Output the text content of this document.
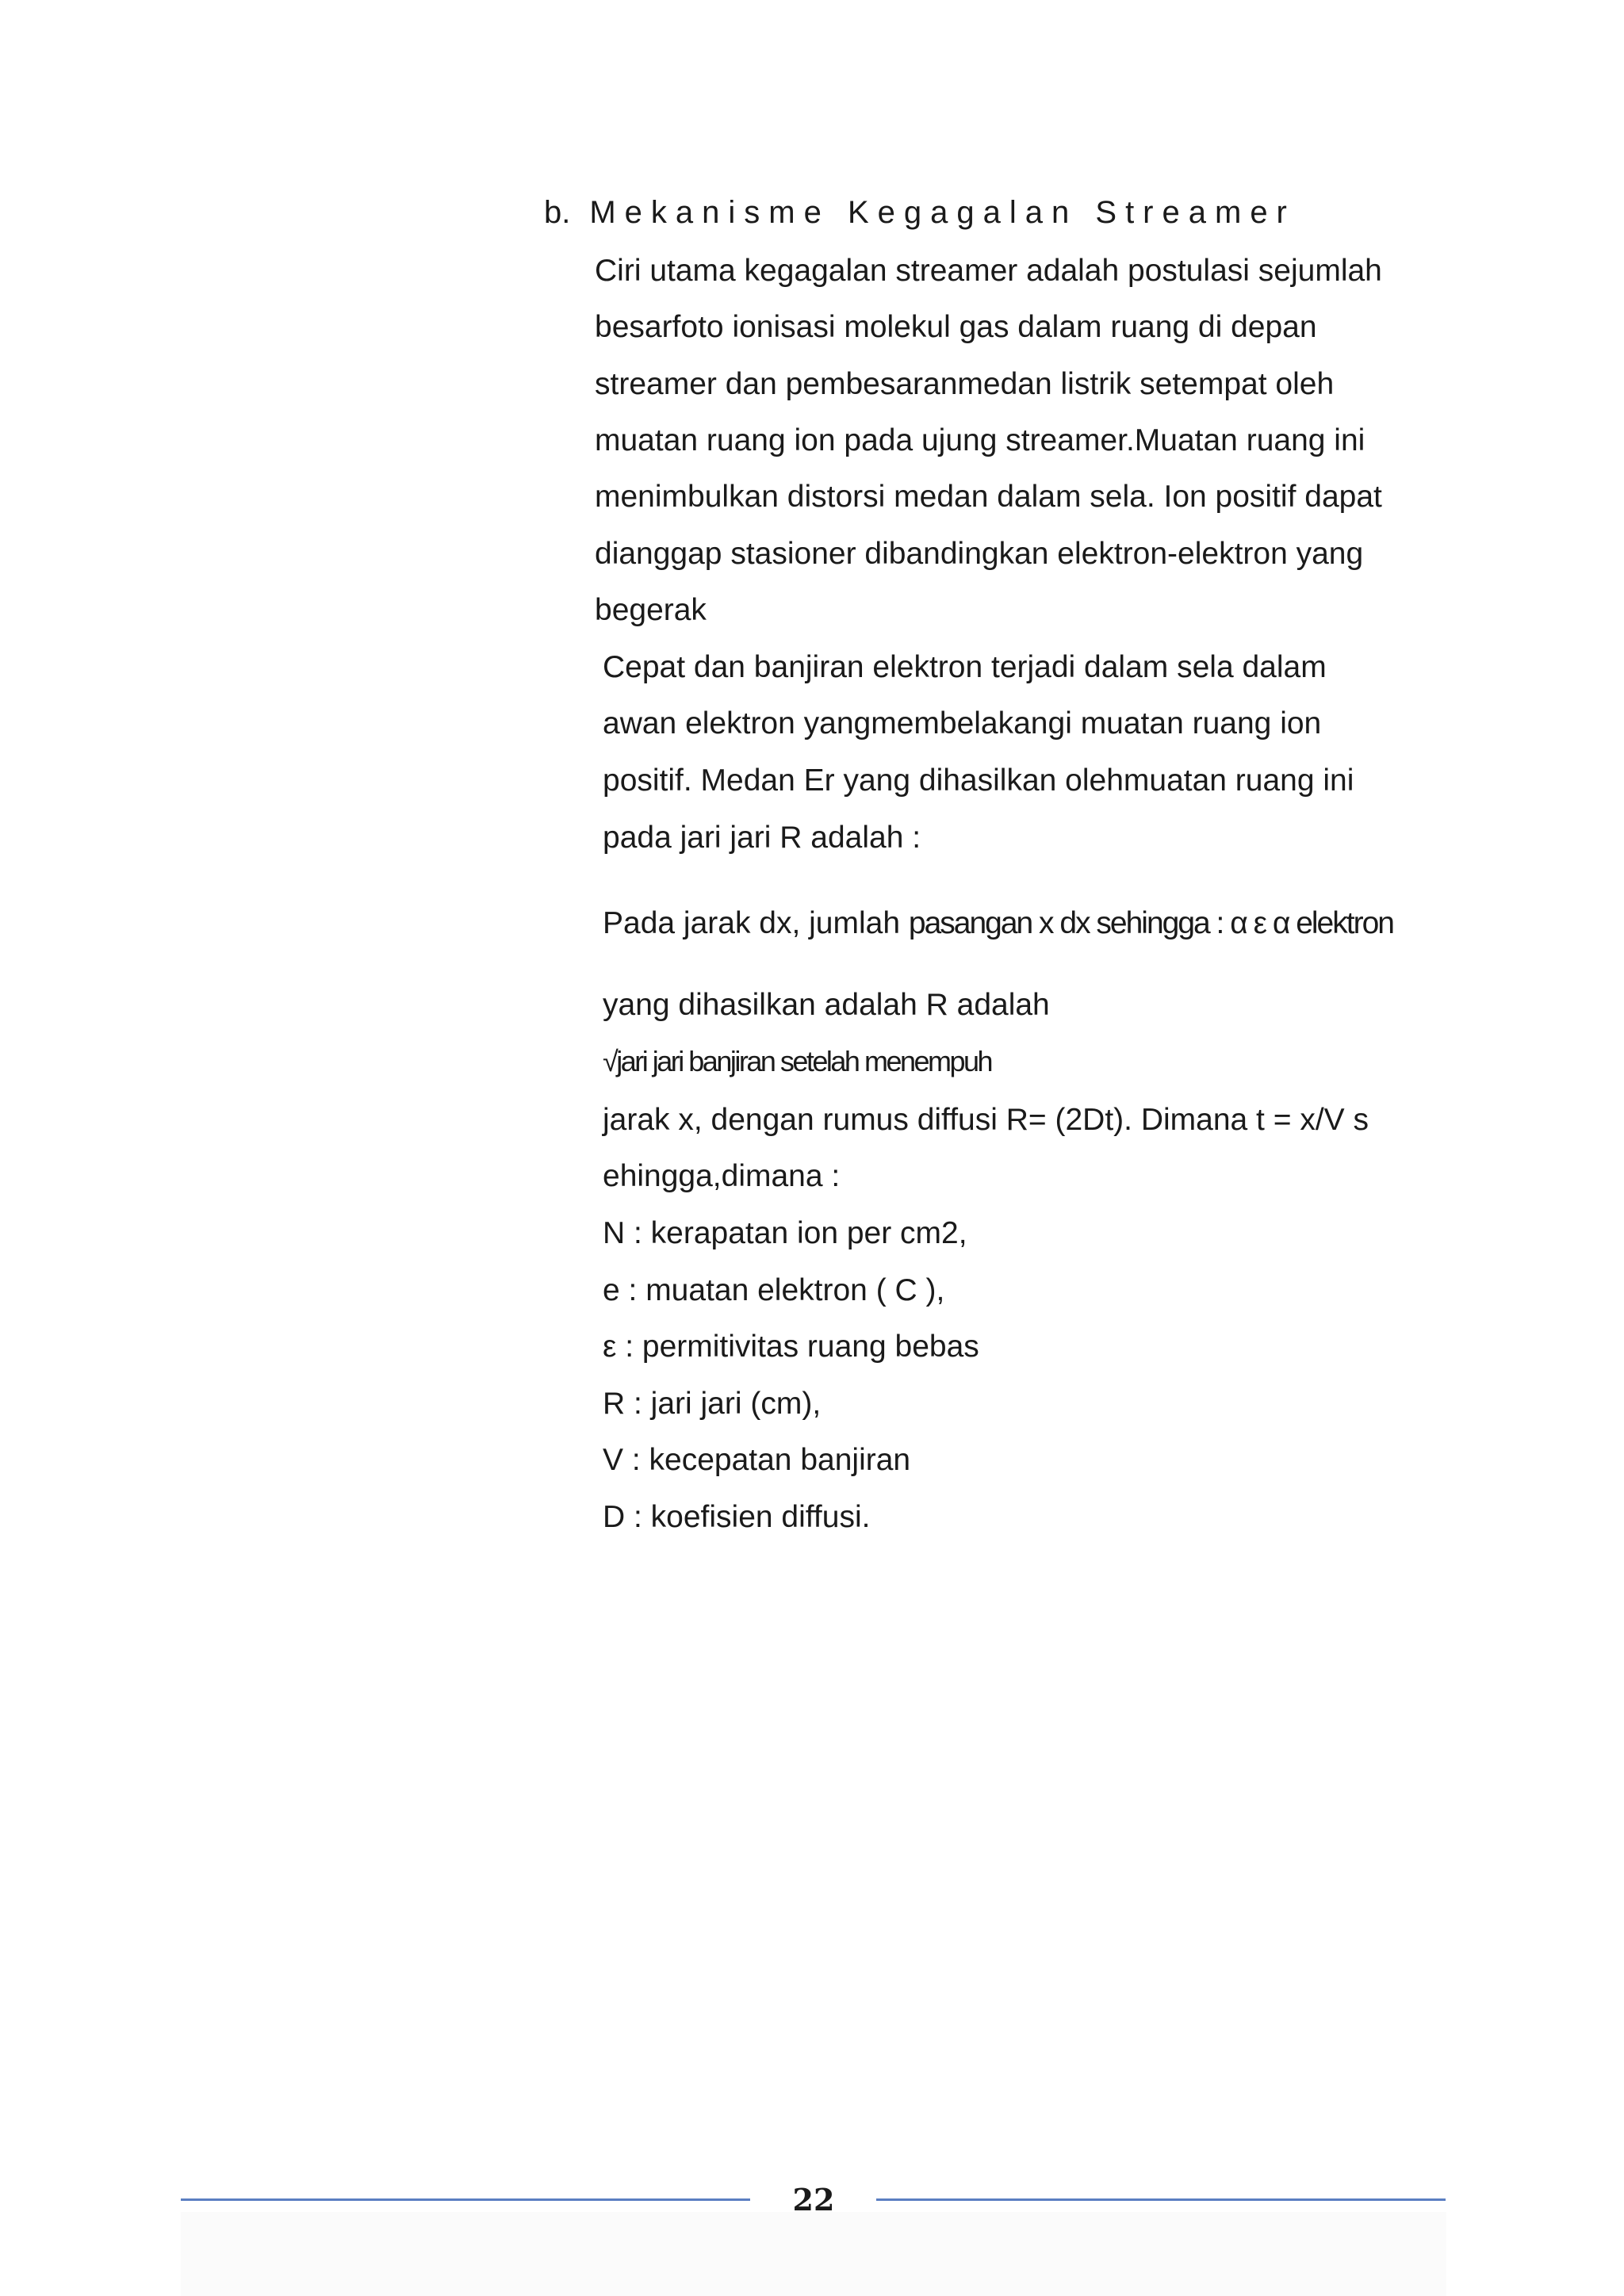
b. Mekanisme Kegagalan Streamer
Ciri utama kegagalan streamer adalah postulasi sejumlah
besarfoto ionisasi molekul gas dalam ruang di depan
streamer dan pembesaranmedan listrik setempat oleh
muatan ruang ion pada ujung streamer.Muatan ruang ini
menimbulkan distorsi medan dalam sela. Ion positif dapat
dianggap stasioner dibandingkan elektron-elektron yang
begerak
Cepat dan banjiran elektron terjadi dalam sela dalam
awan elektron yangmembelakangi muatan ruang ion
positif. Medan Er yang dihasilkan olehmuatan ruang ini
pada jari jari R adalah :
Pada jarak dx, jumlah pasangan x dx sehingga : α ε α elektron
yang dihasilkan adalah R adalah
√jari jari banjiran setelah menempuh
jarak x, dengan rumus diffusi R= (2Dt). Dimana t = x/V s
ehingga,dimana :
N : kerapatan ion per cm2,
e : muatan elektron ( C ),
ε : permitivitas ruang bebas
R : jari jari (cm),
V : kecepatan banjiran
D : koefisien diffusi.
22
